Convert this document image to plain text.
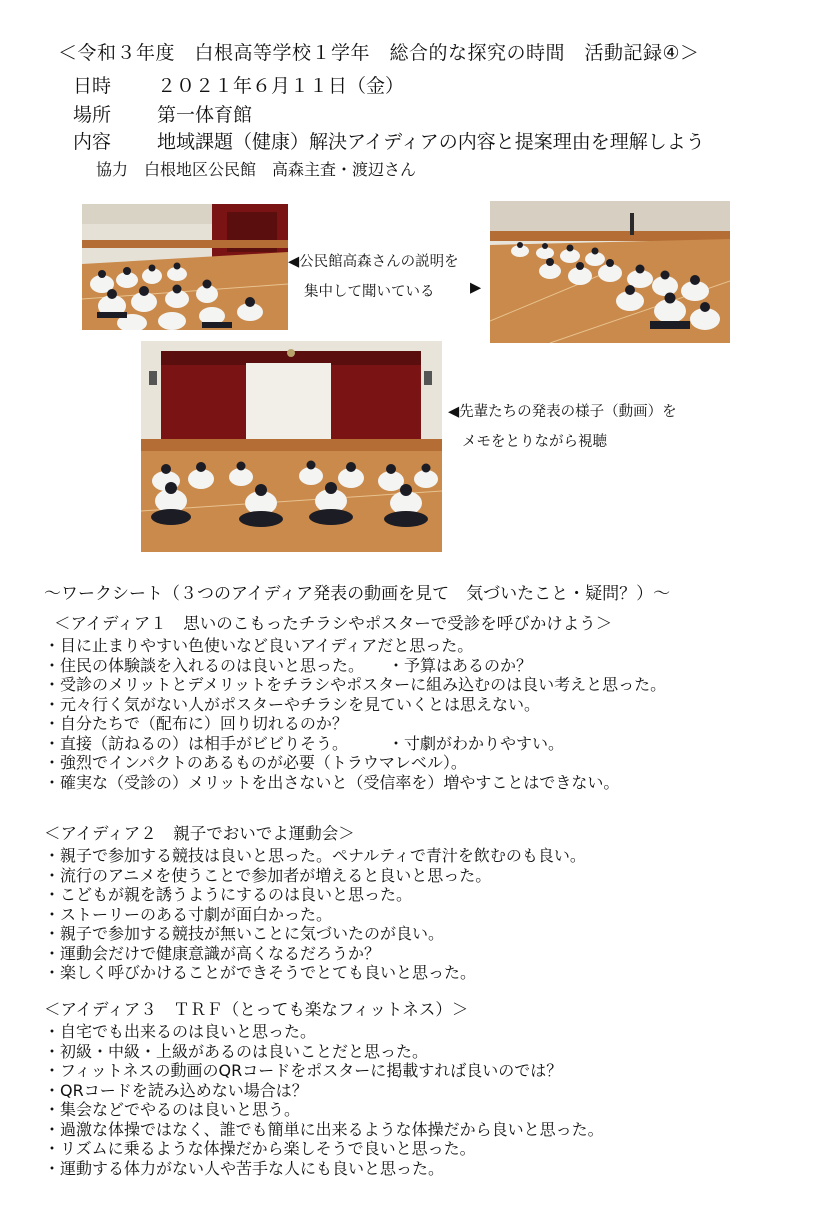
＜令和３年度　白根高等学校１学年　総合的な探究の時間　活動記録④＞
日時 ２０２１年６月１１日（金）
場所 第一体育館
内容 地域課題（健康）解決アイディアの内容と提案理由を理解しよう
協力　白根地区公民館　高森主査・渡辺さん
◀公民館高森さんの説明を
集中して聞いている ▶
◀先輩たちの発表の様子（動画）を
メモをとりながら視聴
〜ワークシート（３つのアイディア発表の動画を見て　気づいたこと・疑問？）〜
＜アイディア１　思いのこもったチラシやポスターで受診を呼びかけよう＞
・目に止まりやすい色使いなど良いアイディアだと思った。
・住民の体験談を入れるのは良いと思った。　　・予算はあるのか？
・受診のメリットとデメリットをチラシやポスターに組み込むのは良い考えと思った。
・元々行く気がない人がポスターやチラシを見ていくとは思えない。
・自分たちで（配布に）回り切れるのか？
・直接（訪ねるの）は相手がビビりそう。　　　・寸劇がわかりやすい。
・強烈でインパクトのあるものが必要（トラウマレベル）。
・確実な（受診の）メリットを出さないと（受信率を）増やすことはできない。
＜アイディア２　親子でおいでよ運動会＞
・親子で参加する競技は良いと思った。ペナルティで青汁を飲むのも良い。
・流行のアニメを使うことで参加者が増えると良いと思った。
・こどもが親を誘うようにするのは良いと思った。
・ストーリーのある寸劇が面白かった。
・親子で参加する競技が無いことに気づいたのが良い。
・運動会だけで健康意識が高くなるだろうか？
・楽しく呼びかけることができそうでとても良いと思った。
＜アイディア３　ＴＲＦ（とっても楽なフィットネス）＞
・自宅でも出来るのは良いと思った。
・初級・中級・上級があるのは良いことだと思った。
・フィットネスの動画のQRコードをポスターに掲載すれば良いのでは？
・QRコードを読み込めない場合は？
・集会などでやるのは良いと思う。
・過激な体操ではなく、誰でも簡単に出来るような体操だから良いと思った。
・リズムに乗るような体操だから楽しそうで良いと思った。
・運動する体力がない人や苦手な人にも良いと思った。
